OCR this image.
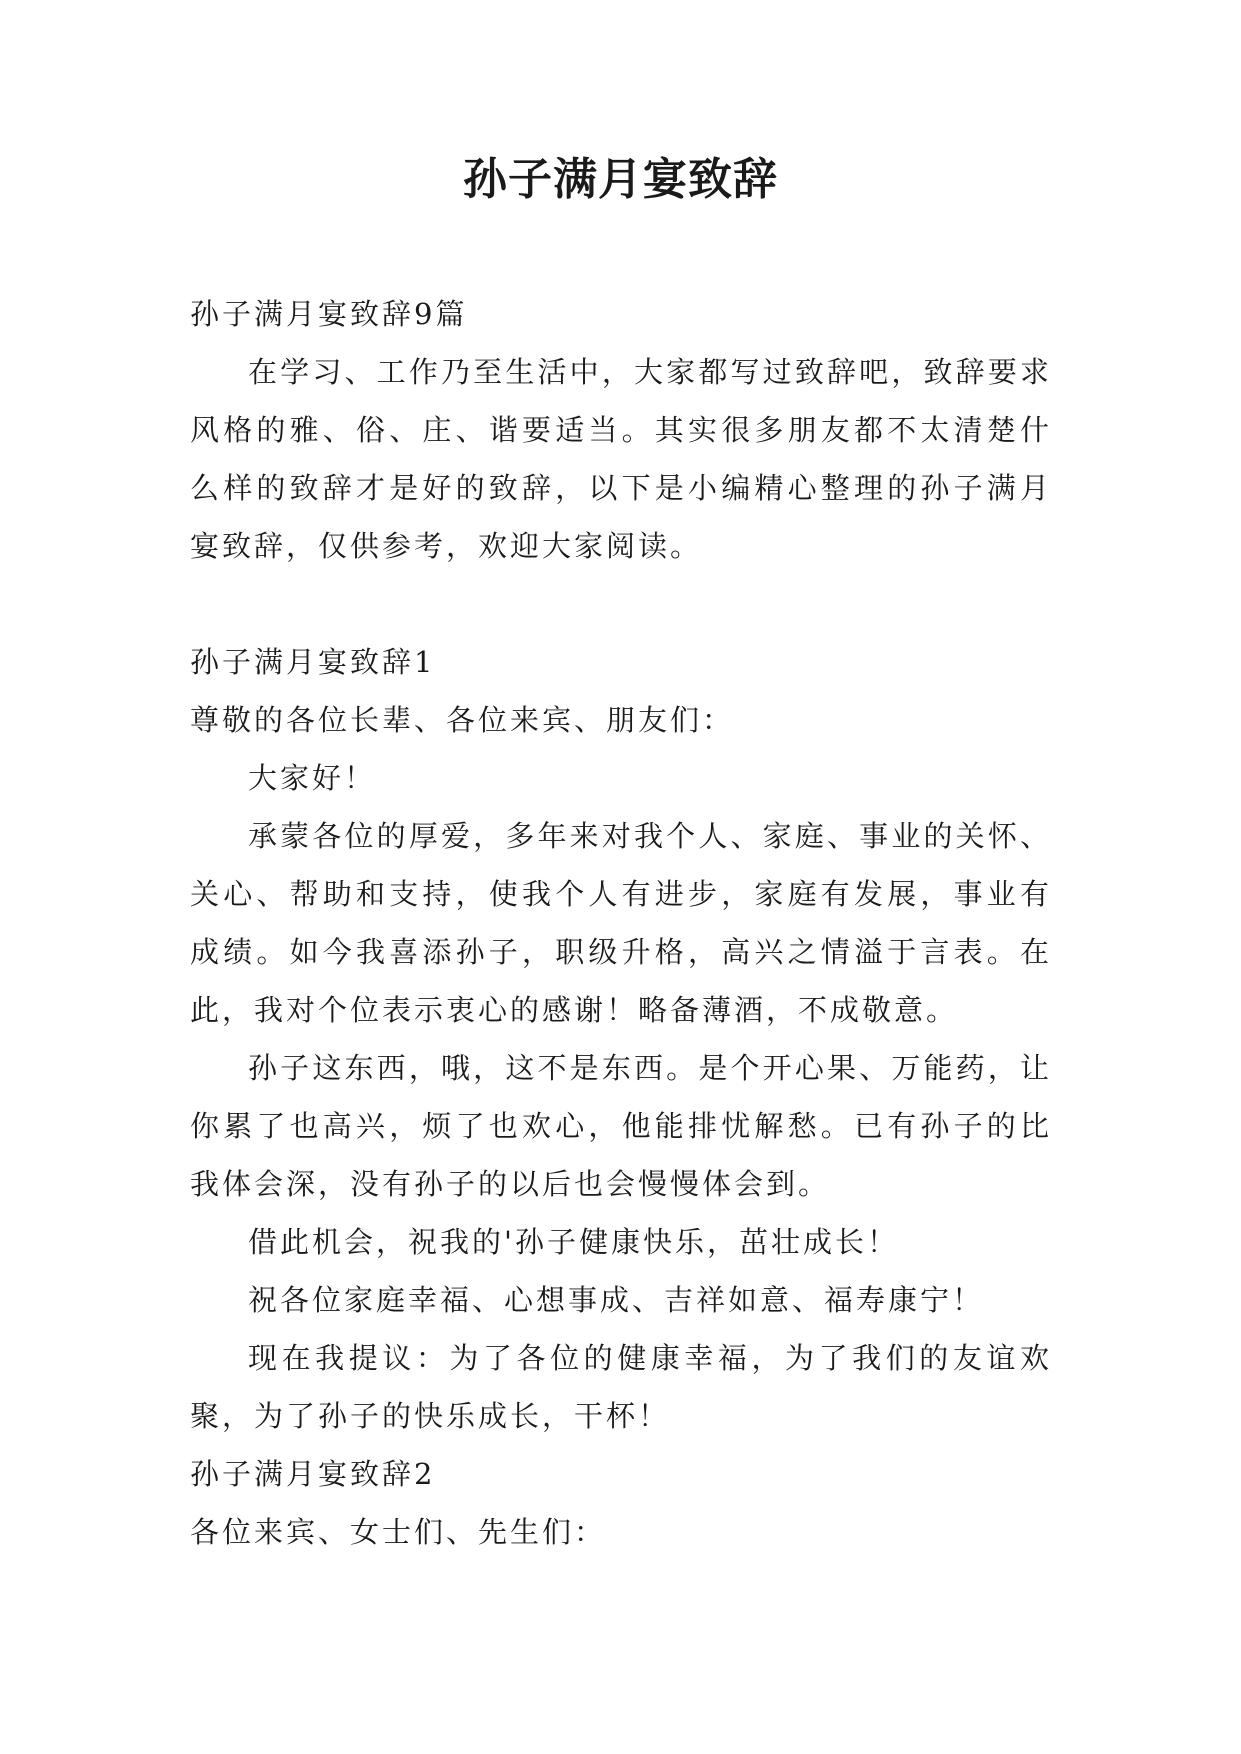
孙子满月宴致辞

孙子满月宴致辞9篇

在学习、工作乃至生活中，大家都写过致辞吧，致辞要求风格的雅、俗、庄、谐要适当。其实很多朋友都不太清楚什么样的致辞才是好的致辞，以下是小编精心整理的孙子满月宴致辞，仅供参考，欢迎大家阅读。

孙子满月宴致辞1

尊敬的各位长辈、各位来宾、朋友们：

大家好！

承蒙各位的厚爱，多年来对我个人、家庭、事业的关怀、关心、帮助和支持，使我个人有进步，家庭有发展，事业有成绩。如今我喜添孙子，职级升格，高兴之情溢于言表。在此，我对个位表示衷心的感谢！略备薄酒，不成敬意。

孙子这东西，哦，这不是东西。是个开心果、万能药，让你累了也高兴，烦了也欢心，他能排忧解愁。已有孙子的比我体会深，没有孙子的以后也会慢慢体会到。

借此机会，祝我的'孙子健康快乐，茁壮成长！

祝各位家庭幸福、心想事成、吉祥如意、福寿康宁！

现在我提议：为了各位的健康幸福，为了我们的友谊欢聚，为了孙子的快乐成长，干杯！

孙子满月宴致辞2

各位来宾、女士们、先生们：
